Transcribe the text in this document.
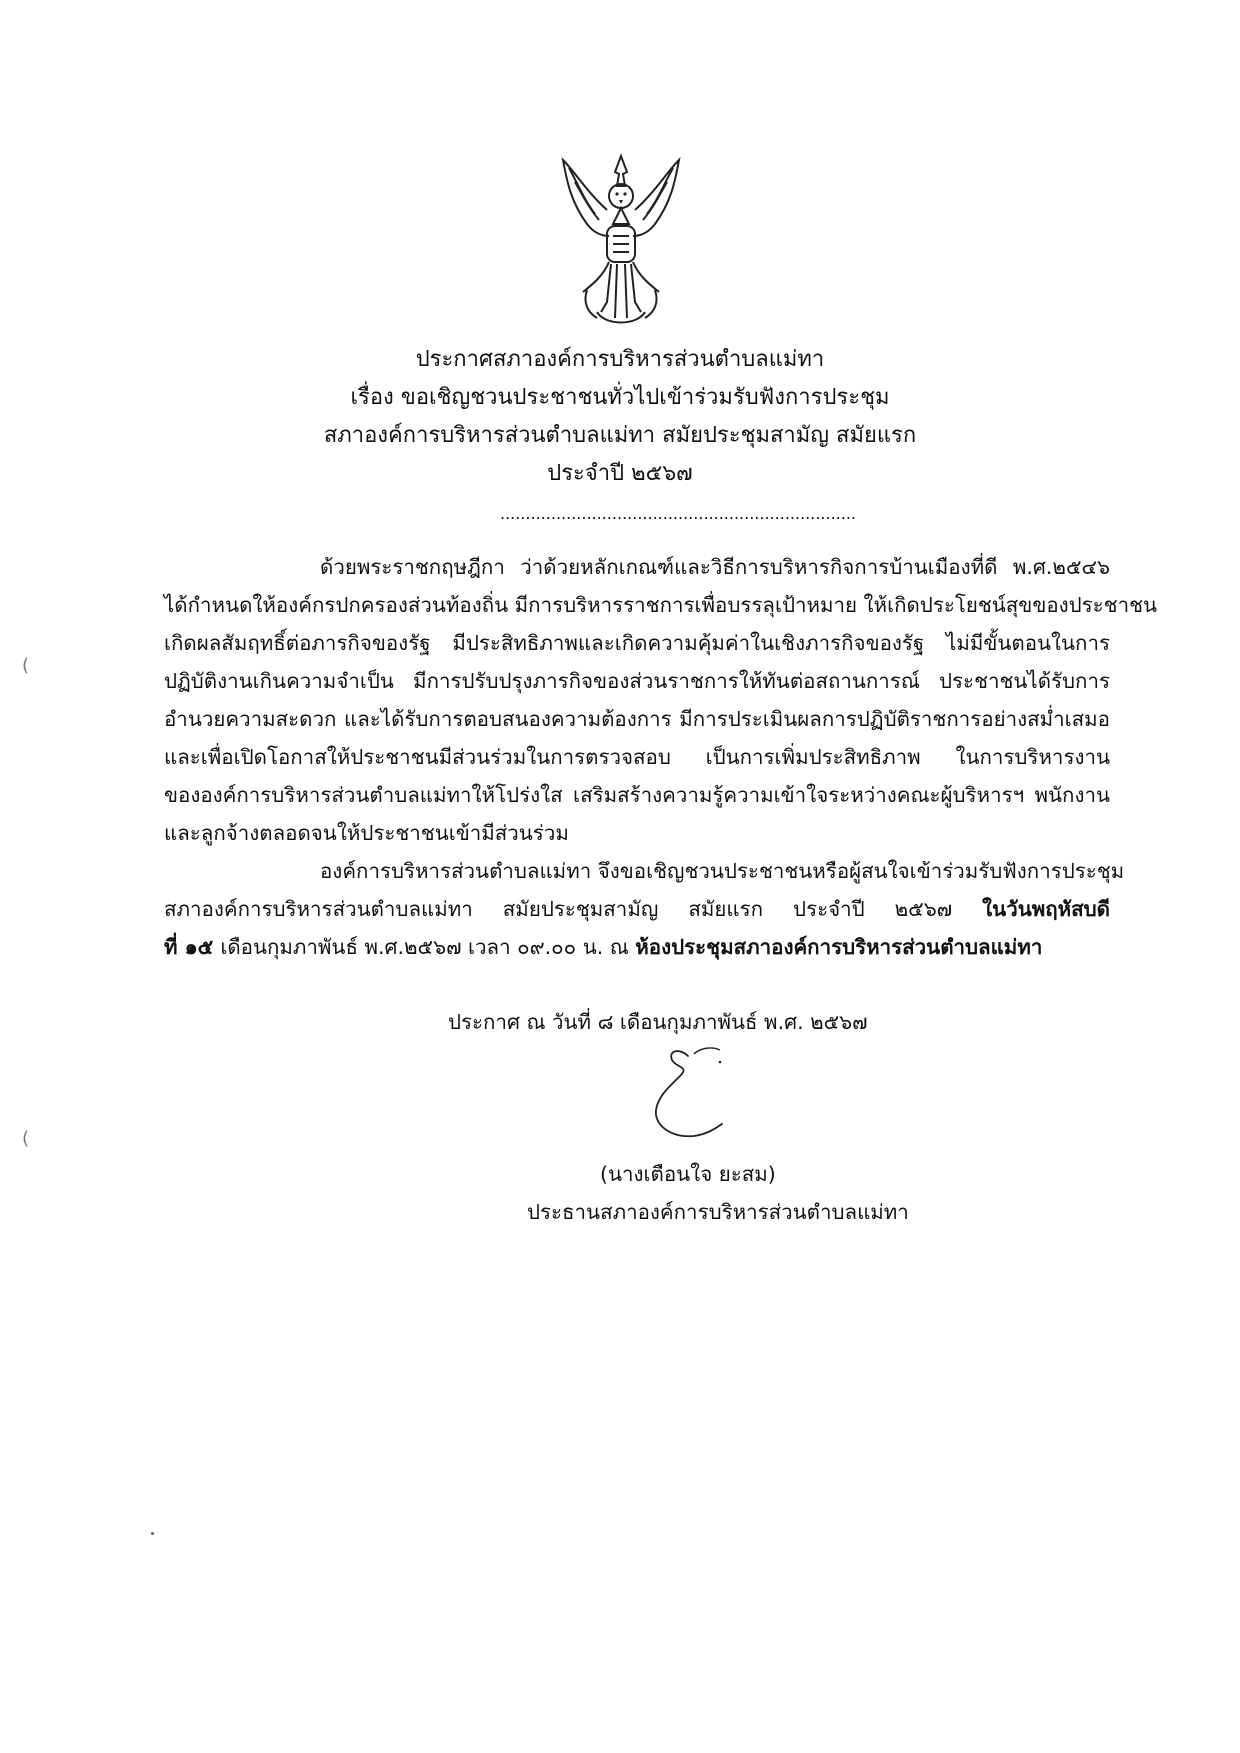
ประกาศสภาองค์การบริหารส่วนตำบลแม่ทา
เรื่อง ขอเชิญชวนประชาชนทั่วไปเข้าร่วมรับฟังการประชุม
สภาองค์การบริหารส่วนตำบลแม่ทา สมัยประชุมสามัญ สมัยแรก
ประจำปี ๒๕๖๗
......................................................................
ด้วยพระราชกฤษฎีกา ว่าด้วยหลักเกณฑ์และวิธีการบริหารกิจการบ้านเมืองที่ดี พ.ศ.๒๕๔๖
ได้กำหนดให้องค์กรปกครองส่วนท้องถิ่น มีการบริหารราชการเพื่อบรรลุเป้าหมาย ให้เกิดประโยชน์สุขของประชาชน
เกิดผลสัมฤทธิ์ต่อภารกิจของรัฐ มีประสิทธิภาพและเกิดความคุ้มค่าในเชิงภารกิจของรัฐ ไม่มีขั้นตอนในการ
ปฏิบัติงานเกินความจำเป็น มีการปรับปรุงภารกิจของส่วนราชการให้ทันต่อสถานการณ์ ประชาชนได้รับการ
อำนวยความสะดวก และได้รับการตอบสนองความต้องการ มีการประเมินผลการปฏิบัติราชการอย่างสม่ำเสมอ
และเพื่อเปิดโอกาสให้ประชาชนมีส่วนร่วมในการตรวจสอบ เป็นการเพิ่มประสิทธิภาพ ในการบริหารงาน
ขององค์การบริหารส่วนตำบลแม่ทาให้โปร่งใส เสริมสร้างความรู้ความเข้าใจระหว่างคณะผู้บริหารฯ พนักงาน
และลูกจ้างตลอดจนให้ประชาชนเข้ามีส่วนร่วม
องค์การบริหารส่วนตำบลแม่ทา จึงขอเชิญชวนประชาชนหรือผู้สนใจเข้าร่วมรับฟังการประชุม
สภาองค์การบริหารส่วนตำบลแม่ทา สมัยประชุมสามัญ สมัยแรก ประจำปี ๒๕๖๗ ในวันพฤหัสบดี
ที่ ๑๕ เดือนกุมภาพันธ์ พ.ศ.๒๕๖๗ เวลา ๐๙.๐๐ น. ณ ห้องประชุมสภาองค์การบริหารส่วนตำบลแม่ทา
ประกาศ ณ วันที่ ๘ เดือนกุมภาพันธ์ พ.ศ. ๒๕๖๗
(นางเตือนใจ ยะสม)
ประธานสภาองค์การบริหารส่วนตำบลแม่ทา
(
(
